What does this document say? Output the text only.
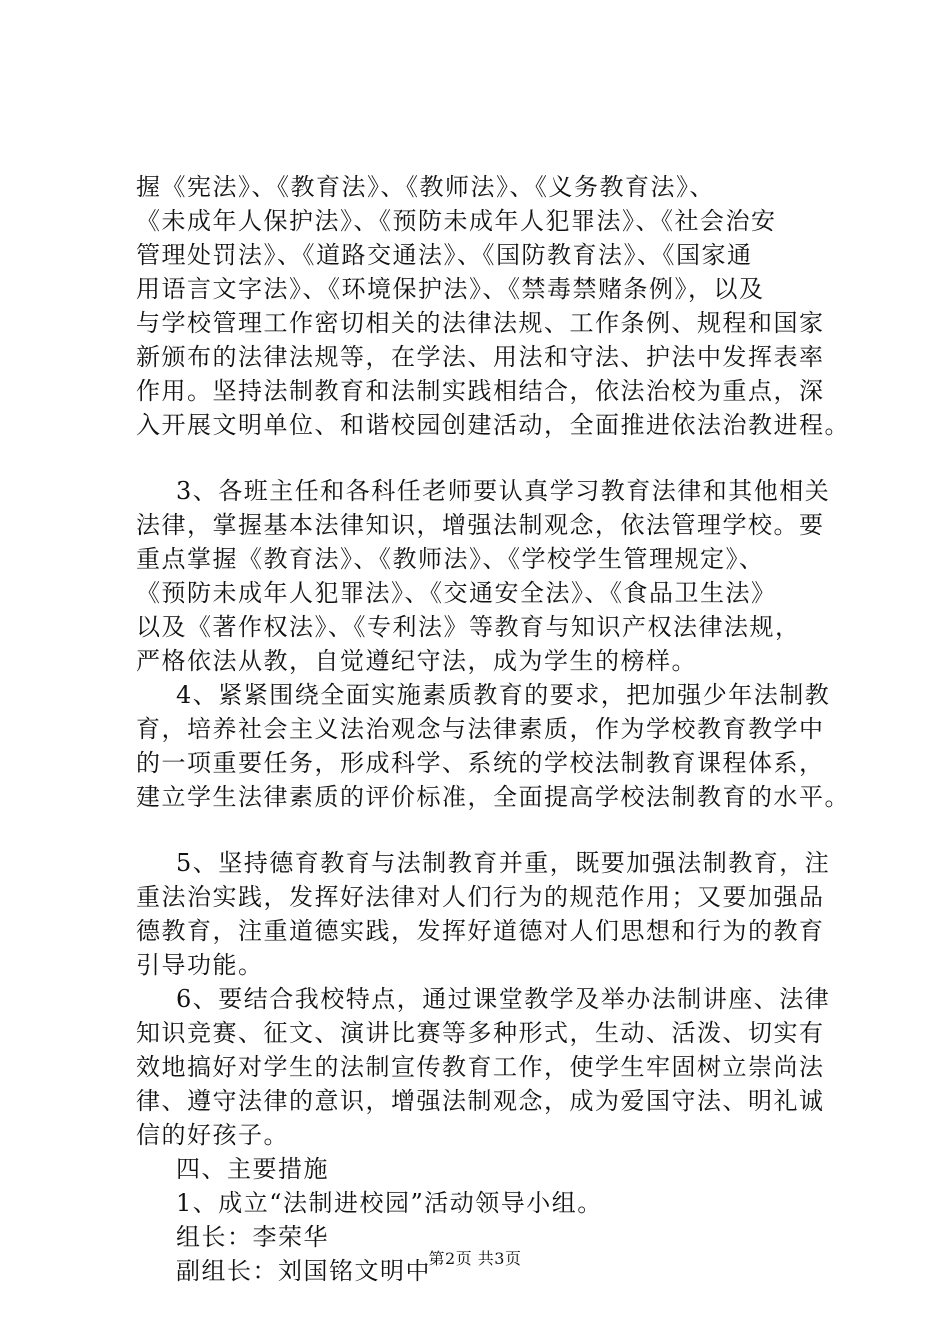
握《宪法》、《教育法》、《教师法》、《义务教育法》、
《未成年人保护法》、《预防未成年人犯罪法》、《社会治安
管理处罚法》、《道路交通法》、《国防教育法》、《国家通
用语言文字法》、《环境保护法》、《禁毒禁赌条例》，以及
与学校管理工作密切相关的法律法规、工作条例、规程和国家
新颁布的法律法规等，在学法、用法和守法、护法中发挥表率
作用。坚持法制教育和法制实践相结合，依法治校为重点，深
入开展文明单位、和谐校园创建活动，全面推进依法治教进程。
3、各班主任和各科任老师要认真学习教育法律和其他相关
法律，掌握基本法律知识，增强法制观念，依法管理学校。要
重点掌握《教育法》、《教师法》、《学校学生管理规定》、
《预防未成年人犯罪法》、《交通安全法》、《食品卫生法》
以及《著作权法》、《专利法》等教育与知识产权法律法规，
严格依法从教，自觉遵纪守法，成为学生的榜样。
4、紧紧围绕全面实施素质教育的要求，把加强少年法制教
育，培养社会主义法治观念与法律素质，作为学校教育教学中
的一项重要任务，形成科学、系统的学校法制教育课程体系，
建立学生法律素质的评价标准，全面提高学校法制教育的水平。
5、坚持德育教育与法制教育并重，既要加强法制教育，注
重法治实践，发挥好法律对人们行为的规范作用；又要加强品
德教育，注重道德实践，发挥好道德对人们思想和行为的教育
引导功能。
6、要结合我校特点，通过课堂教学及举办法制讲座、法律
知识竞赛、征文、演讲比赛等多种形式，生动、活泼、切实有
效地搞好对学生的法制宣传教育工作，使学生牢固树立崇尚法
律、遵守法律的意识，增强法制观念，成为爱国守法、明礼诚
信的好孩子。
四、主要措施
1、成立“法制进校园”活动领导小组。
组长：李荣华
副组长：刘国铭文明中
第2页 共3页
